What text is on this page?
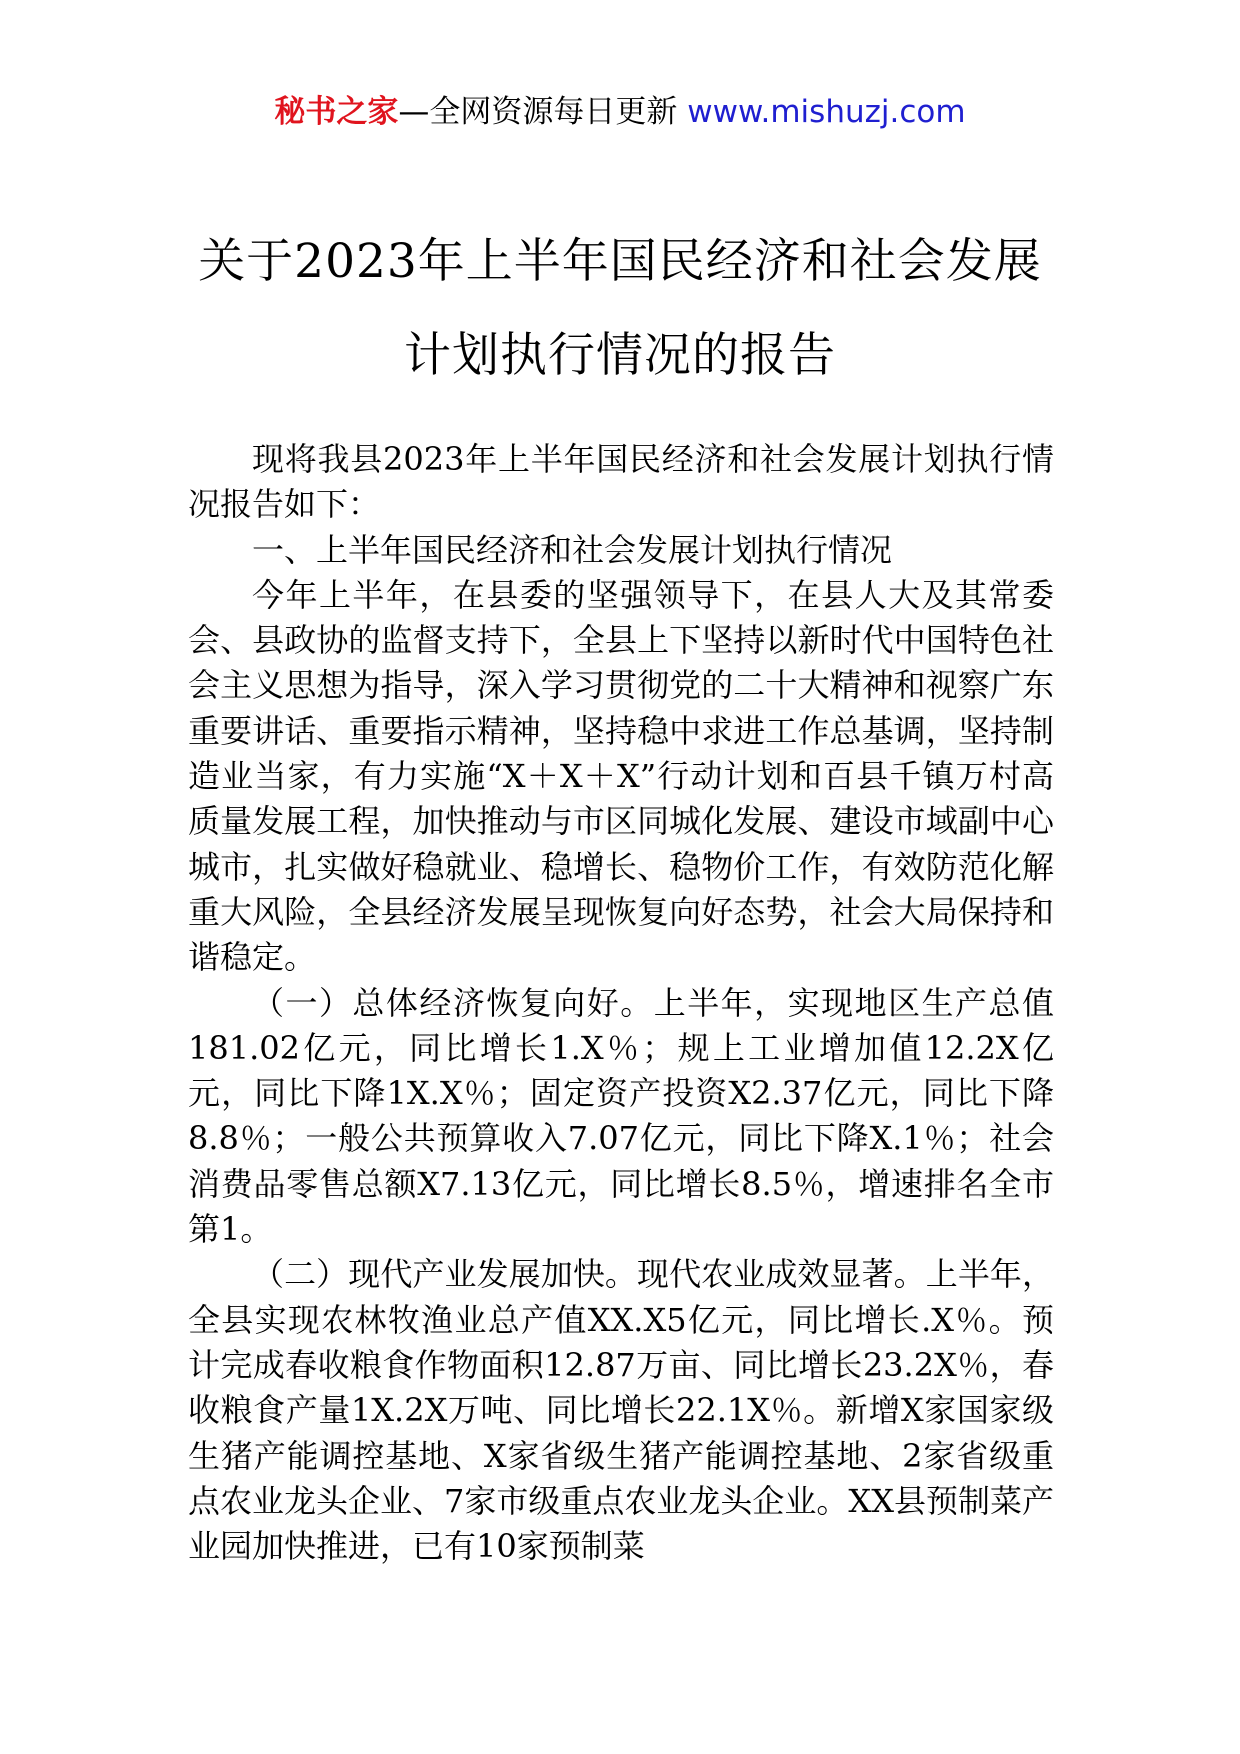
秘书之家—全网资源每日更新 www.mishuzj.com
关于2023年上半年国民经济和社会发展
计划执行情况的报告

现将我县2023年上半年国民经济和社会发展计划执行情况报告如下：

一、上半年国民经济和社会发展计划执行情况

今年上半年，在县委的坚强领导下，在县人大及其常委会、县政协的监督支持下，全县上下坚持以新时代中国特色社会主义思想为指导，深入学习贯彻党的二十大精神和视察广东重要讲话、重要指示精神，坚持稳中求进工作总基调，坚持制造业当家，有力实施“X＋X＋X”行动计划和百县千镇万村高质量发展工程，加快推动与市区同城化发展、建设市域副中心城市，扎实做好稳就业、稳增长、稳物价工作，有效防范化解重大风险，全县经济发展呈现恢复向好态势，社会大局保持和谐稳定。

（一）总体经济恢复向好。上半年，实现地区生产总值181.02亿元，同比增长1.X％；规上工业增加值12.2X亿元，同比下降1X.X％；固定资产投资X2.37亿元，同比下降8.8％；一般公共预算收入7.07亿元，同比下降X.1％；社会消费品零售总额X7.13亿元，同比增长8.5％，增速排名全市第1。

（二）现代产业发展加快。现代农业成效显著。上半年，全县实现农林牧渔业总产值XX.X5亿元，同比增长.X％。预计完成春收粮食作物面积12.87万亩、同比增长23.2X％，春收粮食产量1X.2X万吨、同比增长22.1X％。新增X家国家级生猪产能调控基地、X家省级生猪产能调控基地、2家省级重点农业龙头企业、7家市级重点农业龙头企业。XX县预制菜产业园加快推进，已有10家预制菜
